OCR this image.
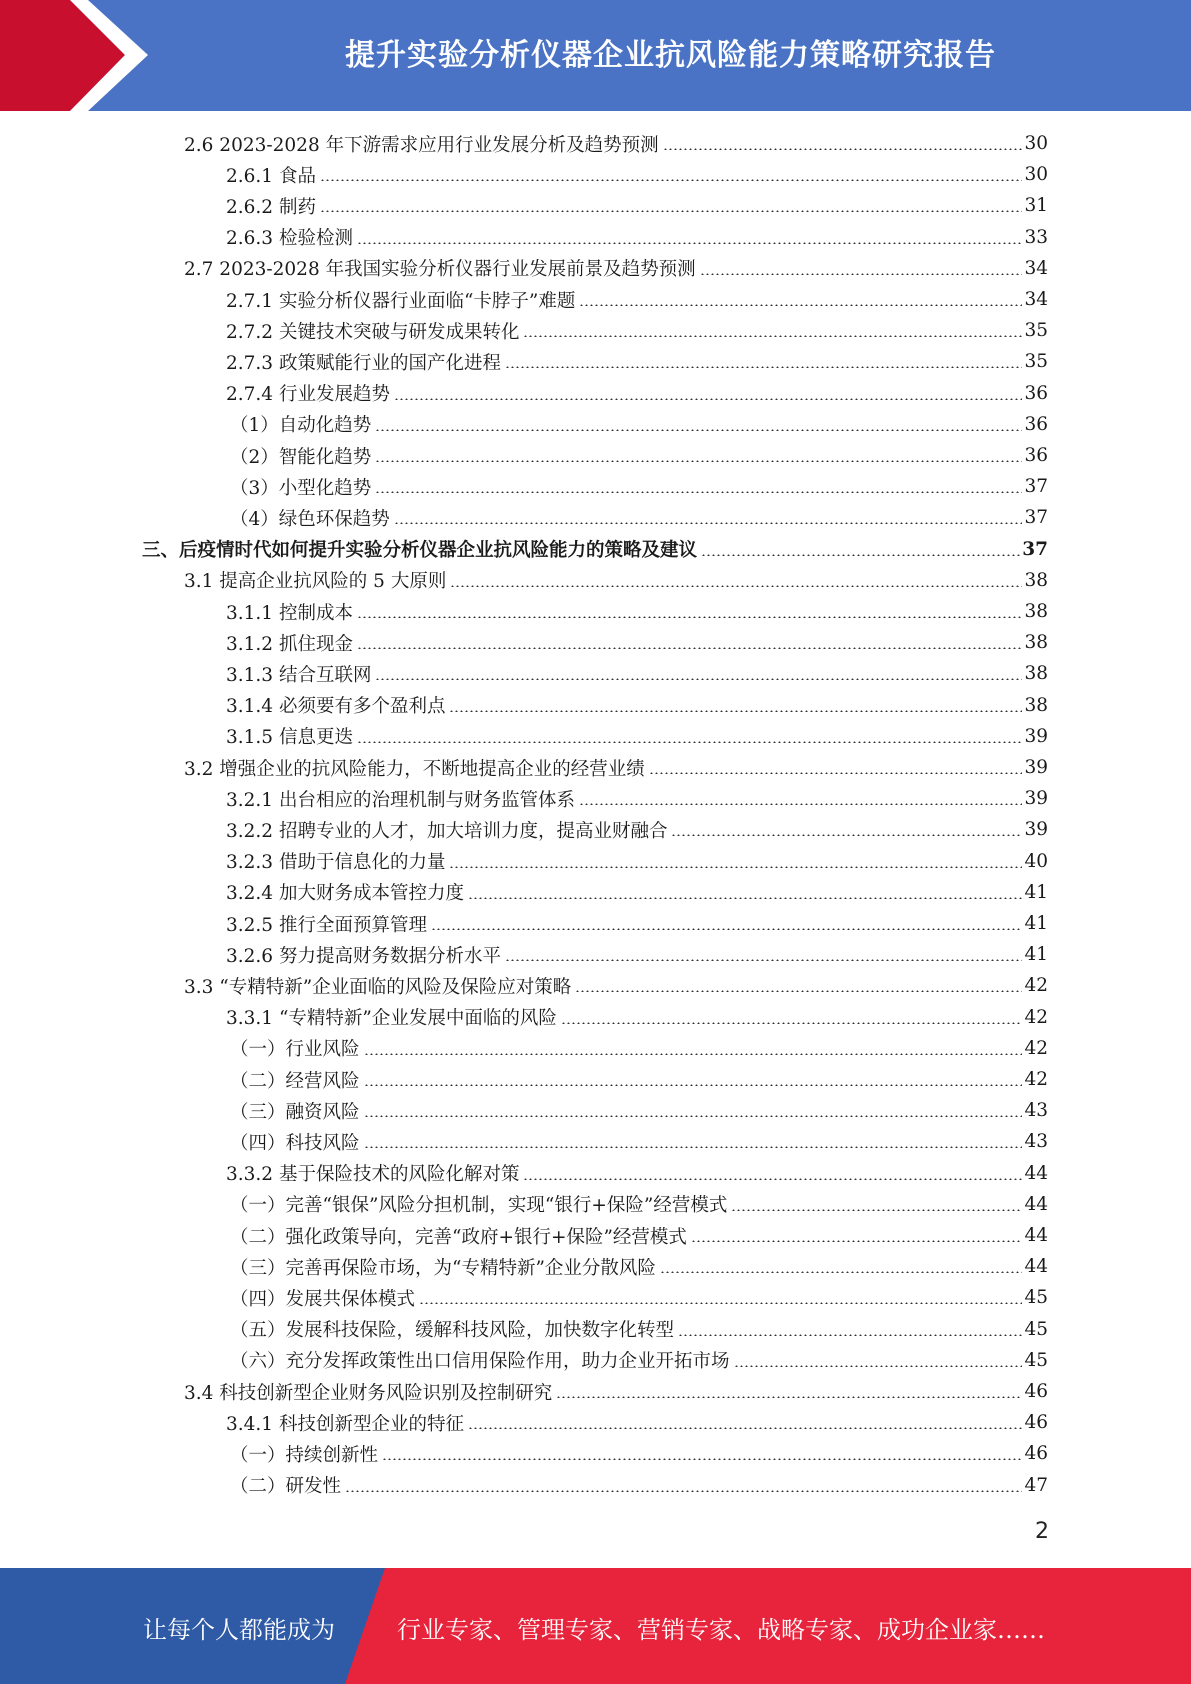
提升实验分析仪器企业抗风险能力策略研究报告
2.6 2023-2028 年下游需求应用行业发展分析及趋势预测	30
2.6.1 食品	30
2.6.2 制药	31
2.6.3 检验检测	33
2.7 2023-2028 年我国实验分析仪器行业发展前景及趋势预测	34
2.7.1 实验分析仪器行业面临“卡脖子”难题	34
2.7.2 关键技术突破与研发成果转化	35
2.7.3 政策赋能行业的国产化进程	35
2.7.4 行业发展趋势	36
（1）自动化趋势	36
（2）智能化趋势	36
（3）小型化趋势	37
（4）绿色环保趋势	37
三、后疫情时代如何提升实验分析仪器企业抗风险能力的策略及建议	37
3.1 提高企业抗风险的 5 大原则	38
3.1.1 控制成本	38
3.1.2 抓住现金	38
3.1.3 结合互联网	38
3.1.4 必须要有多个盈利点	38
3.1.5 信息更迭	39
3.2 增强企业的抗风险能力，不断地提高企业的经营业绩	39
3.2.1 出台相应的治理机制与财务监管体系	39
3.2.2 招聘专业的人才，加大培训力度，提高业财融合	39
3.2.3 借助于信息化的力量	40
3.2.4 加大财务成本管控力度	41
3.2.5 推行全面预算管理	41
3.2.6 努力提高财务数据分析水平	41
3.3 “专精特新”企业面临的风险及保险应对策略	42
3.3.1 “专精特新”企业发展中面临的风险	42
（一）行业风险	42
（二）经营风险	42
（三）融资风险	43
（四）科技风险	43
3.3.2 基于保险技术的风险化解对策	44
（一）完善“银保”风险分担机制，实现“银行+保险”经营模式	44
（二）强化政策导向，完善“政府+银行+保险”经营模式	44
（三）完善再保险市场，为“专精特新”企业分散风险	44
（四）发展共保体模式	45
（五）发展科技保险，缓解科技风险，加快数字化转型	45
（六）充分发挥政策性出口信用保险作用，助力企业开拓市场	45
3.4 科技创新型企业财务风险识别及控制研究	46
3.4.1 科技创新型企业的特征	46
（一）持续创新性	46
（二）研发性	47
2
让每个人都能成为	行业专家、管理专家、营销专家、战略专家、成功企业家……
